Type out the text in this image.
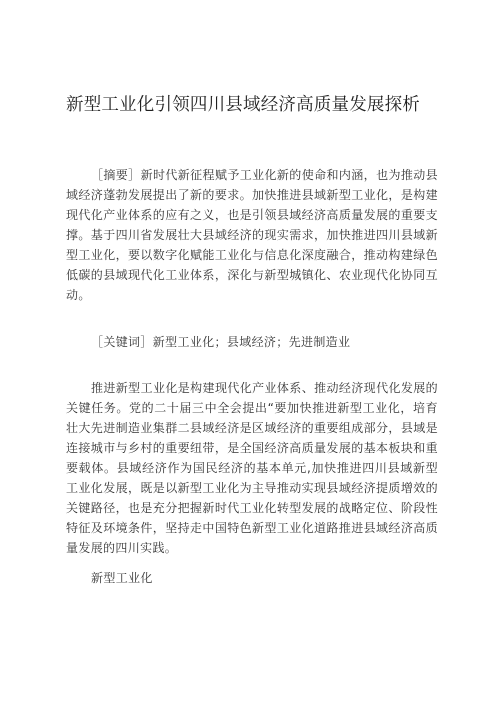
新型工业化引领四川县域经济高质量发展探析
［摘要］新时代新征程赋予工业化新的使命和内涵，也为推动县域经济蓬勃发展提出了新的要求。加快推进县域新型工业化，是构建现代化产业体系的应有之义，也是引领县域经济高质量发展的重要支撑。基于四川省发展壮大县域经济的现实需求，加快推进四川县域新型工业化，要以数字化赋能工业化与信息化深度融合，推动构建绿色低碳的县域现代化工业体系，深化与新型城镇化、农业现代化协同互动。
［关键词］新型工业化；县域经济；先进制造业
推进新型工业化是构建现代化产业体系、推动经济现代化发展的关键任务。党的二十届三中全会提出“要加快推进新型工业化，培育壮大先进制造业集群二县域经济是区域经济的重要组成部分，县域是连接城市与乡村的重要纽带，是全国经济高质量发展的基本板块和重要载体。县域经济作为国民经济的基本单元,加快推进四川县域新型工业化发展，既是以新型工业化为主导推动实现县域经济提质增效的关键路径，也是充分把握新时代工业化转型发展的战略定位、阶段性特征及环境条件，坚持走中国特色新型工业化道路推进县域经济高质量发展的四川实践。
新型工业化
